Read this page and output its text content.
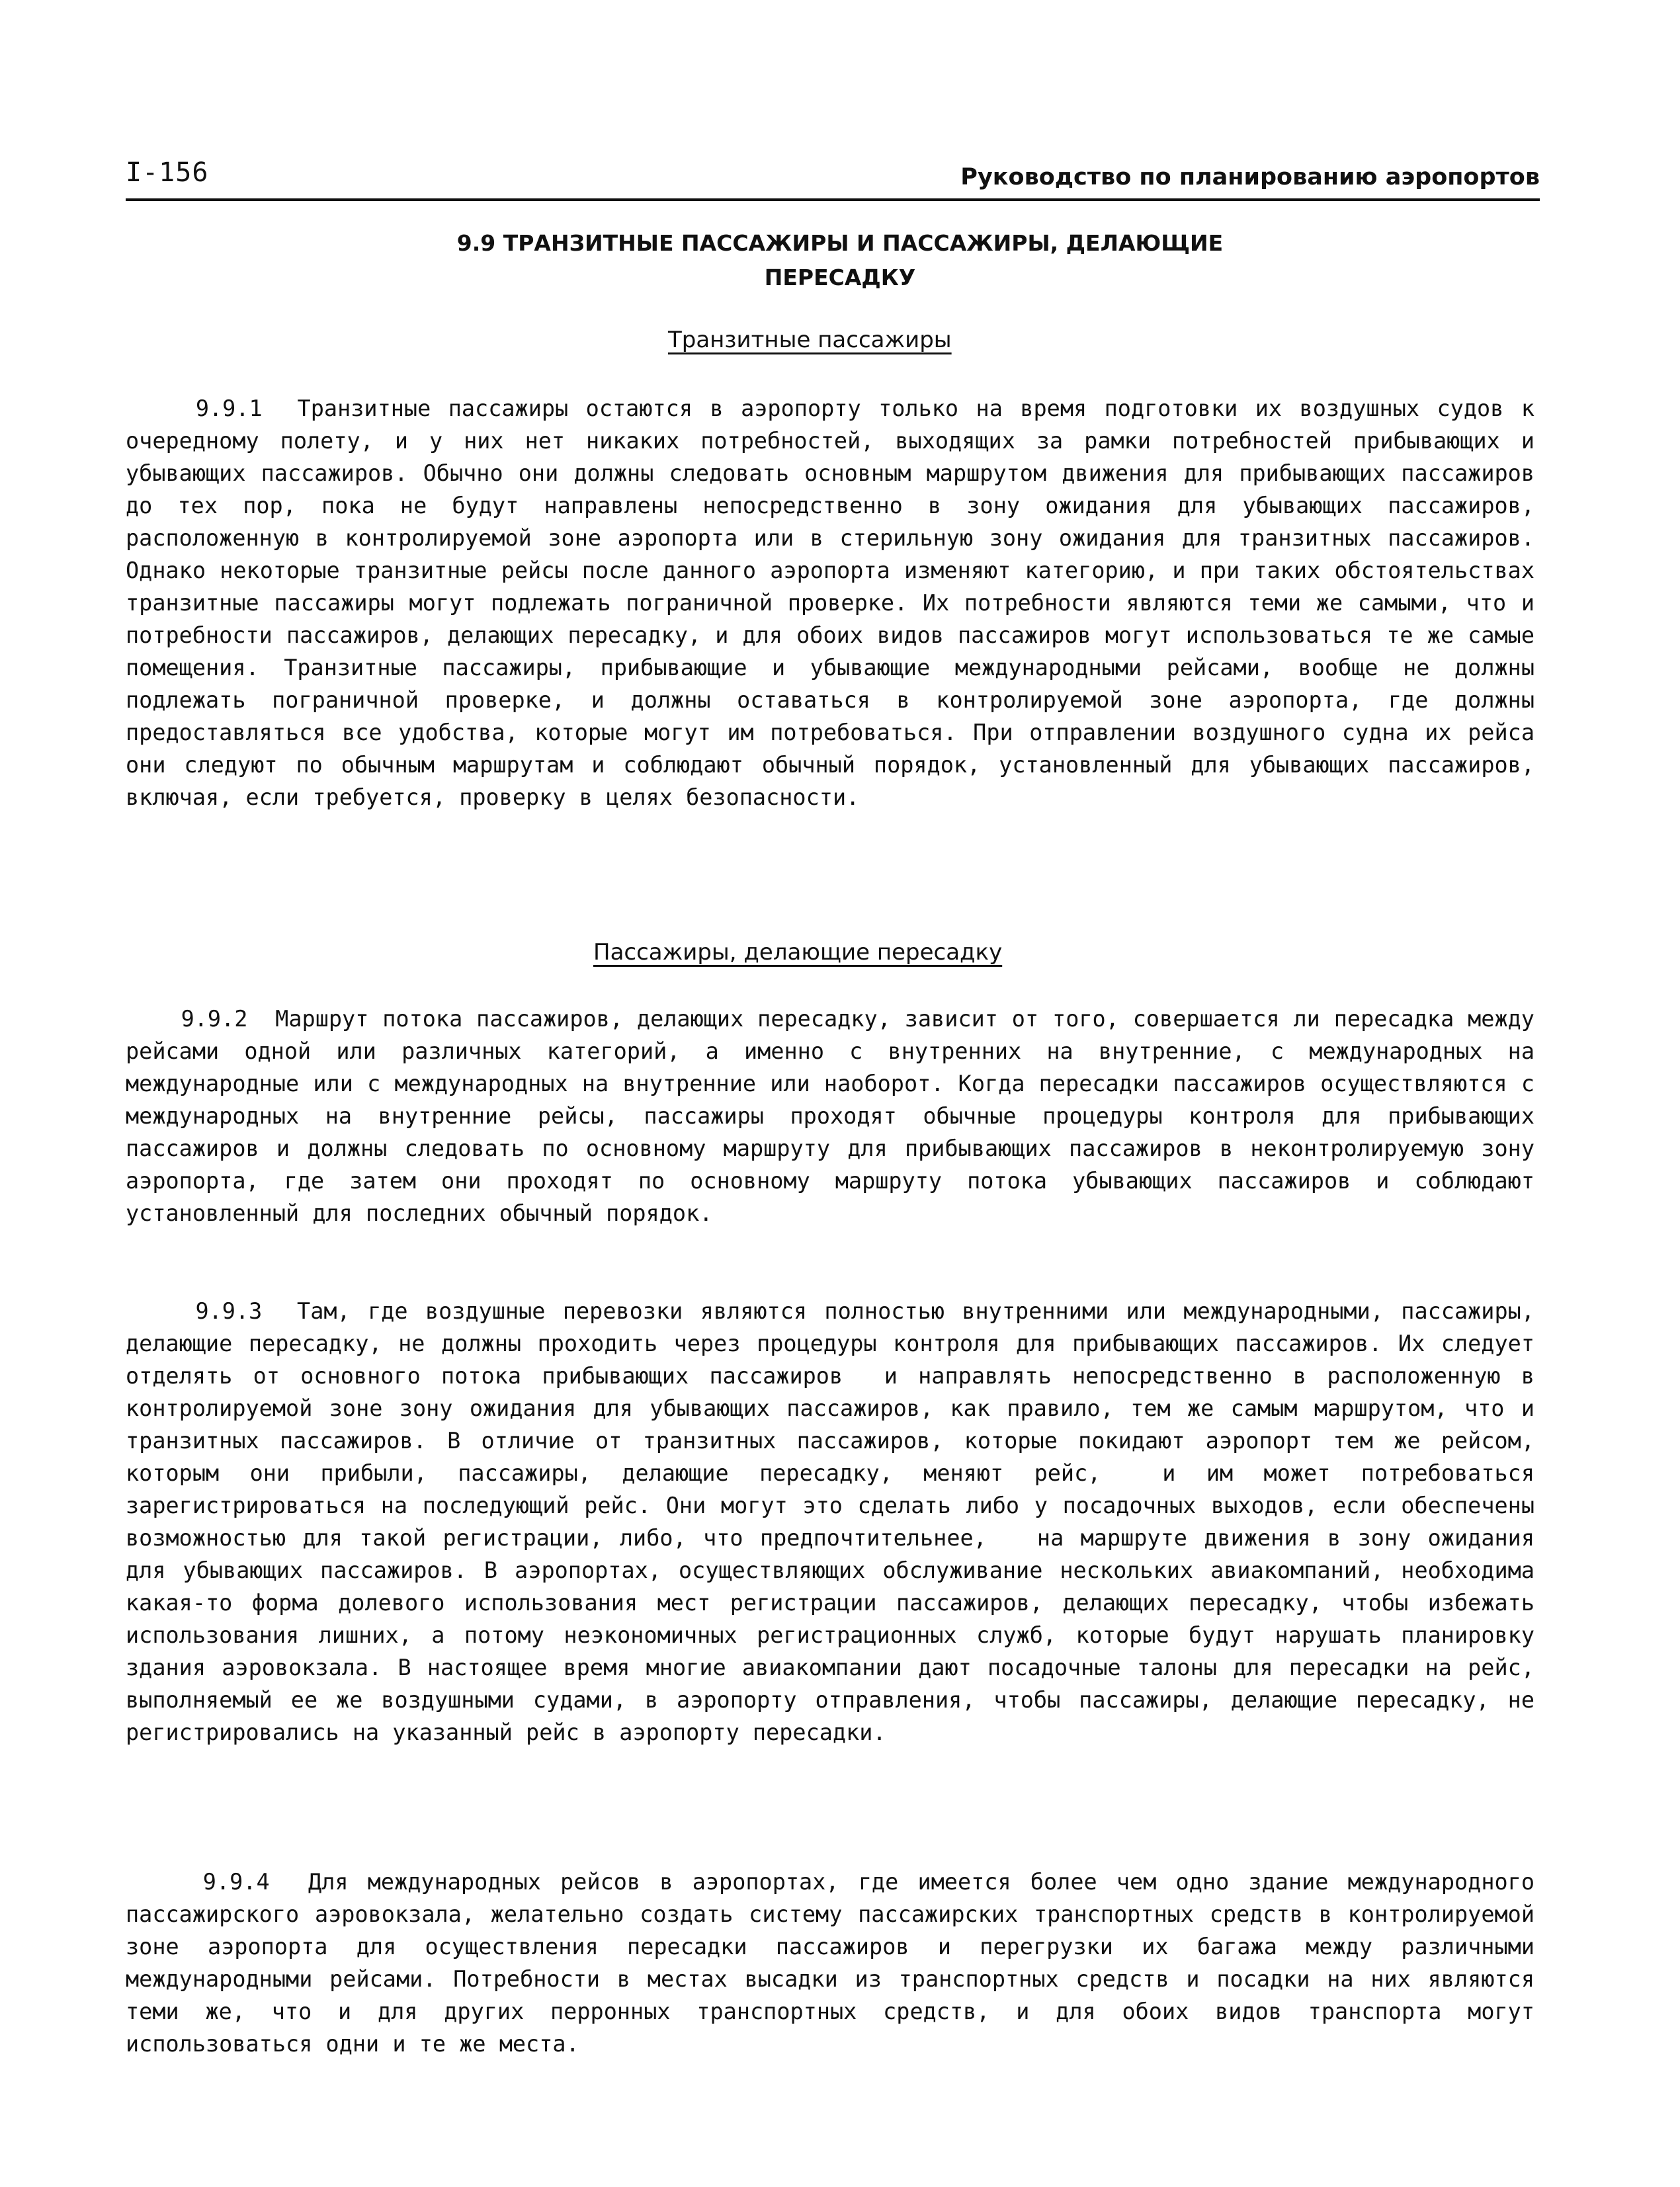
I-156	Руководство по планированию аэропортов
9.9 ТРАНЗИТНЫЕ ПАССАЖИРЫ И ПАССАЖИРЫ, ДЕЛАЮЩИЕ
ПЕРЕСАДКУ
Транзитные пассажиры

9.9.1  Транзитные пассажиры остаются в аэропорту только на время подготовки их воздушных судов к очередному полету, и у них нет никаких потребностей, выходящих за рамки потребностей прибывающих и убывающих пассажиров. Обычно они должны следовать основным маршрутом движения для прибывающих пассажиров до тех пор, пока не будут направлены непосредственно в зону ожидания для убывающих пассажиров, расположенную в контролируемой зоне аэропорта или в стерильную зону ожидания для транзитных пассажиров. Однако некоторые транзитные рейсы после данного аэропорта изменяют категорию, и при таких обстоятельствах транзитные пассажиры могут подлежать пограничной проверке. Их потребности являются теми же самыми, что и потребности пассажиров, делающих пересадку, и для обоих видов пассажиров могут использоваться те же самые помещения. Транзитные пассажиры, прибывающие и убывающие международными рейсами, вообще не должны подлежать пограничной проверке, и должны оставаться в контролируемой зоне аэропорта, где должны предоставляться все удобства, которые могут им потребоваться. При отправлении воздушного судна их рейса они следуют по обычным маршрутам и соблюдают обычный порядок, установленный для убывающих пассажиров, включая, если требуется, проверку в целях безопасности.

Пассажиры, делающие пересадку

9.9.2  Маршрут потока пассажиров, делающих пересадку, зависит от того, совершается ли пересадка между рейсами одной или различных категорий, а именно с внутренних на внутренние, с международных на международные или с международных на внутренние или наоборот. Когда пересадки пассажиров осуществляются с международных на внутренние рейсы, пассажиры проходят обычные процедуры контроля для прибывающих пассажиров и должны следовать по основному маршруту для прибывающих пассажиров в неконтролируемую зону аэропорта, где затем они проходят по основному маршруту потока убывающих пассажиров и соблюдают установленный для последних обычный порядок.

9.9.3  Там, где воздушные перевозки являются полностью внутренними или международными, пассажиры, делающие пересадку, не должны проходить через процедуры контроля для прибывающих пассажиров. Их следует отделять от основного потока прибывающих пассажиров  и направлять непосредственно в расположенную в контролируемой зоне зону ожидания для убывающих пассажиров, как правило, тем же самым маршрутом, что и транзитных пассажиров. В отличие от транзитных пассажиров, которые покидают аэропорт тем же рейсом, которым они прибыли, пассажиры, делающие пересадку, меняют рейс,  и им может потребоваться зарегистрироваться на последующий рейс. Они могут это сделать либо у посадочных выходов, если обеспечены возможностью для такой регистрации, либо, что предпочтительнее,   на маршруте движения в зону ожидания для убывающих пассажиров. В аэропортах, осуществляющих обслуживание нескольких авиакомпаний, необходима какая-то форма долевого использования мест регистрации пассажиров, делающих пересадку, чтобы избежать использования лишних, а потому неэкономичных регистрационных служб, которые будут нарушать планировку здания аэровокзала. В настоящее время многие авиакомпании дают посадочные талоны для пересадки на рейс, выполняемый ее же воздушными судами, в аэропорту отправления, чтобы пассажиры, делающие пересадку, не регистрировались на указанный рейс в аэропорту пересадки.

9.9.4  Для международных рейсов в аэропортах, где имеется более чем одно здание международного пассажирского аэровокзала, желательно создать систему пассажирских транспортных средств в контролируемой зоне аэропорта для осуществления пересадки пассажиров и перегрузки их багажа между различными международными рейсами. Потребности в местах высадки из транспортных средств и посадки на них являются теми же, что и для других перронных транспортных средств, и для обоих видов транспорта могут использоваться одни и те же места.
